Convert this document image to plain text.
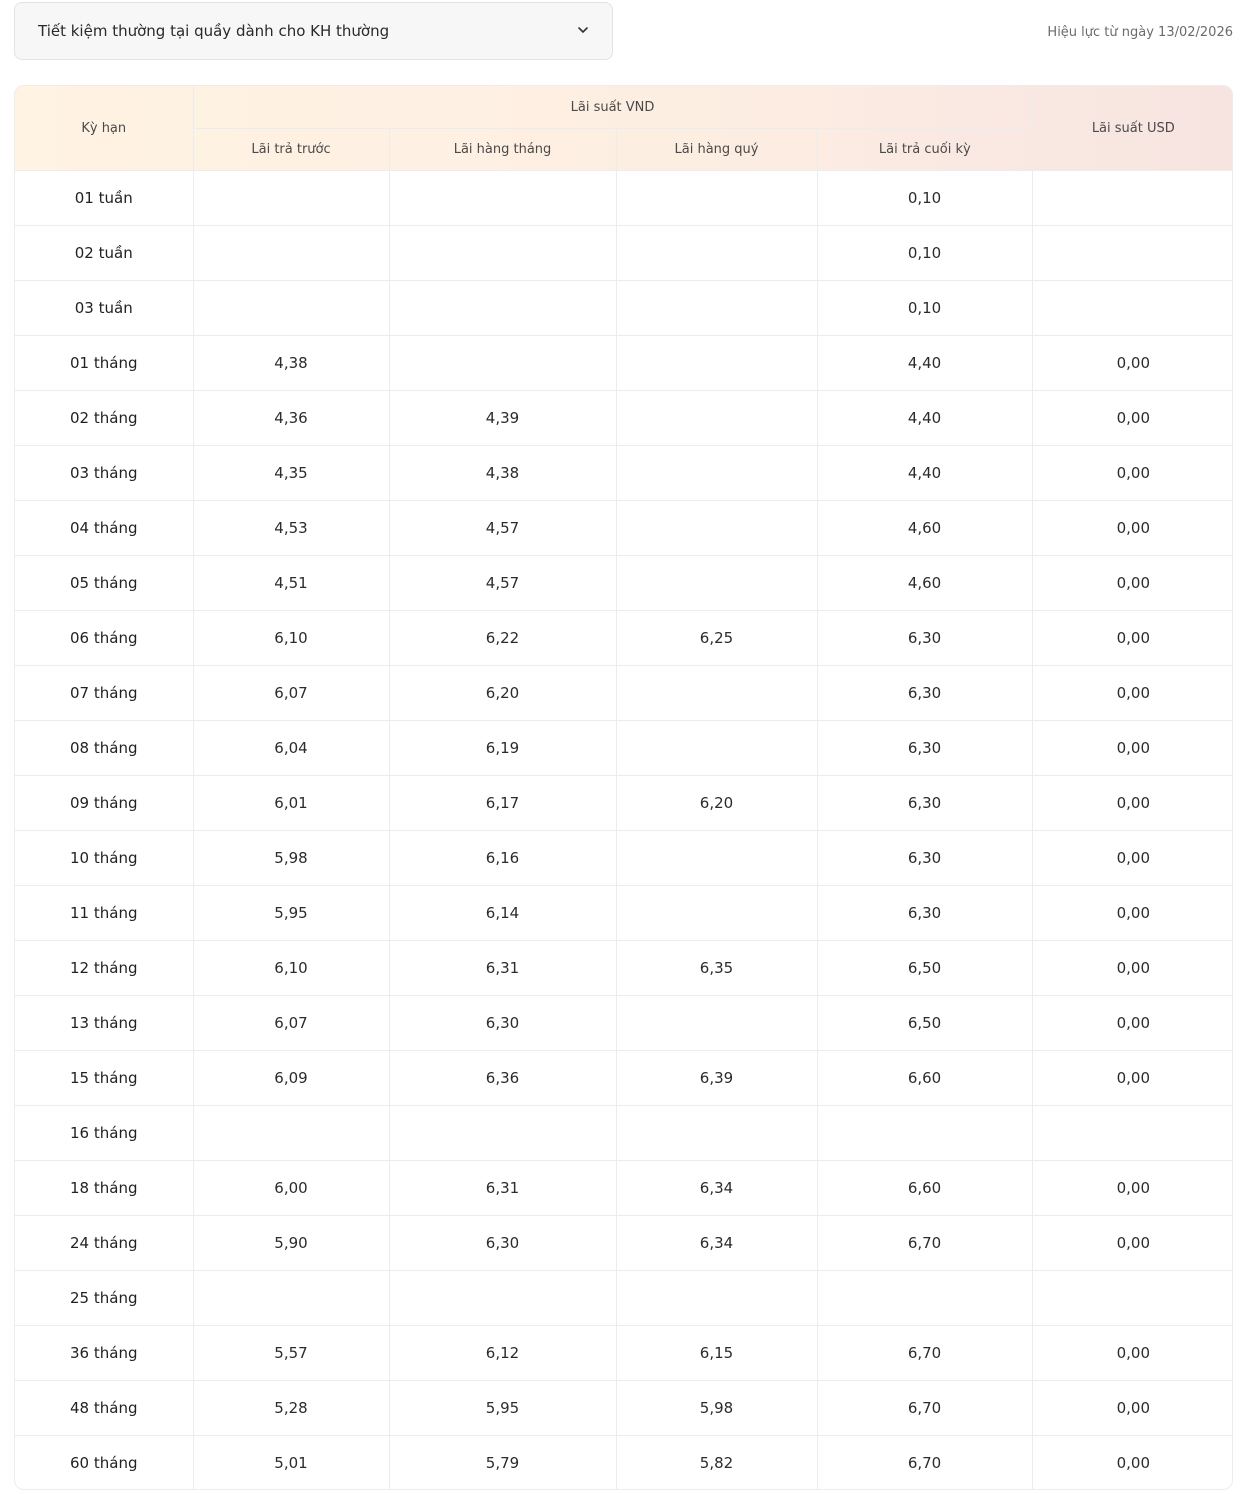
Tiết kiệm thường tại quầy dành cho KH thường	Hiệu lực từ ngày 13/02/2026
Kỳ hạn	Lãi suất VND				Lãi suất USD
	Lãi trả trước	Lãi hàng tháng	Lãi hàng quý	Lãi trả cuối kỳ	
01 tuần				0,10	
02 tuần				0,10	
03 tuần				0,10	
01 tháng	4,38			4,40	0,00
02 tháng	4,36	4,39		4,40	0,00
03 tháng	4,35	4,38		4,40	0,00
04 tháng	4,53	4,57		4,60	0,00
05 tháng	4,51	4,57		4,60	0,00
06 tháng	6,10	6,22	6,25	6,30	0,00
07 tháng	6,07	6,20		6,30	0,00
08 tháng	6,04	6,19		6,30	0,00
09 tháng	6,01	6,17	6,20	6,30	0,00
10 tháng	5,98	6,16		6,30	0,00
11 tháng	5,95	6,14		6,30	0,00
12 tháng	6,10	6,31	6,35	6,50	0,00
13 tháng	6,07	6,30		6,50	0,00
15 tháng	6,09	6,36	6,39	6,60	0,00
16 tháng					
18 tháng	6,00	6,31	6,34	6,60	0,00
24 tháng	5,90	6,30	6,34	6,70	0,00
25 tháng					
36 tháng	5,57	6,12	6,15	6,70	0,00
48 tháng	5,28	5,95	5,98	6,70	0,00
60 tháng	5,01	5,79	5,82	6,70	0,00
